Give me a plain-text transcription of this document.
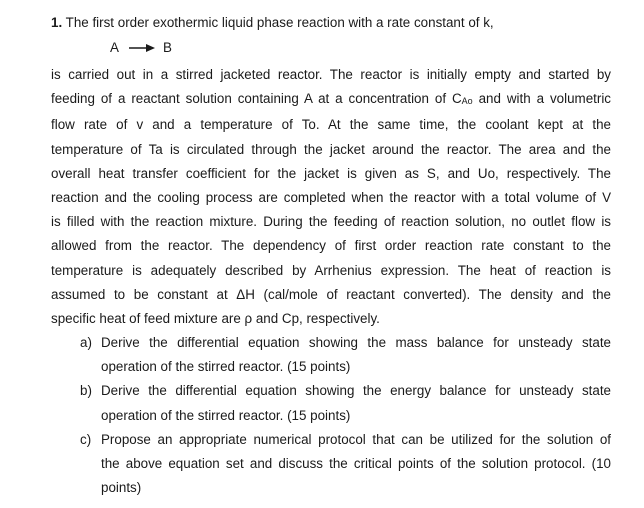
1. The first order exothermic liquid phase reaction with a rate constant of k,
A → B
is carried out in a stirred jacketed reactor. The reactor is initially empty and started by
feeding of a reactant solution containing A at a concentration of CAo and with a volumetric
flow rate of v and a temperature of To. At the same time, the coolant kept at the
temperature of Ta is circulated through the jacket around the reactor. The area and the
overall heat transfer coefficient for the jacket is given as S, and Uo, respectively. The
reaction and the cooling process are completed when the reactor with a total volume of V
is filled with the reaction mixture. During the feeding of reaction solution, no outlet flow is
allowed from the reactor. The dependency of first order reaction rate constant to the
temperature is adequately described by Arrhenius expression. The heat of reaction is
assumed to be constant at ΔH (cal/mole of reactant converted). The density and the
specific heat of feed mixture are ρ and Cp, respectively.
a) Derive the differential equation showing the mass balance for unsteady state
operation of the stirred reactor. (15 points)
b) Derive the differential equation showing the energy balance for unsteady state
operation of the stirred reactor. (15 points)
c) Propose an appropriate numerical protocol that can be utilized for the solution of
the above equation set and discuss the critical points of the solution protocol. (10
points)
